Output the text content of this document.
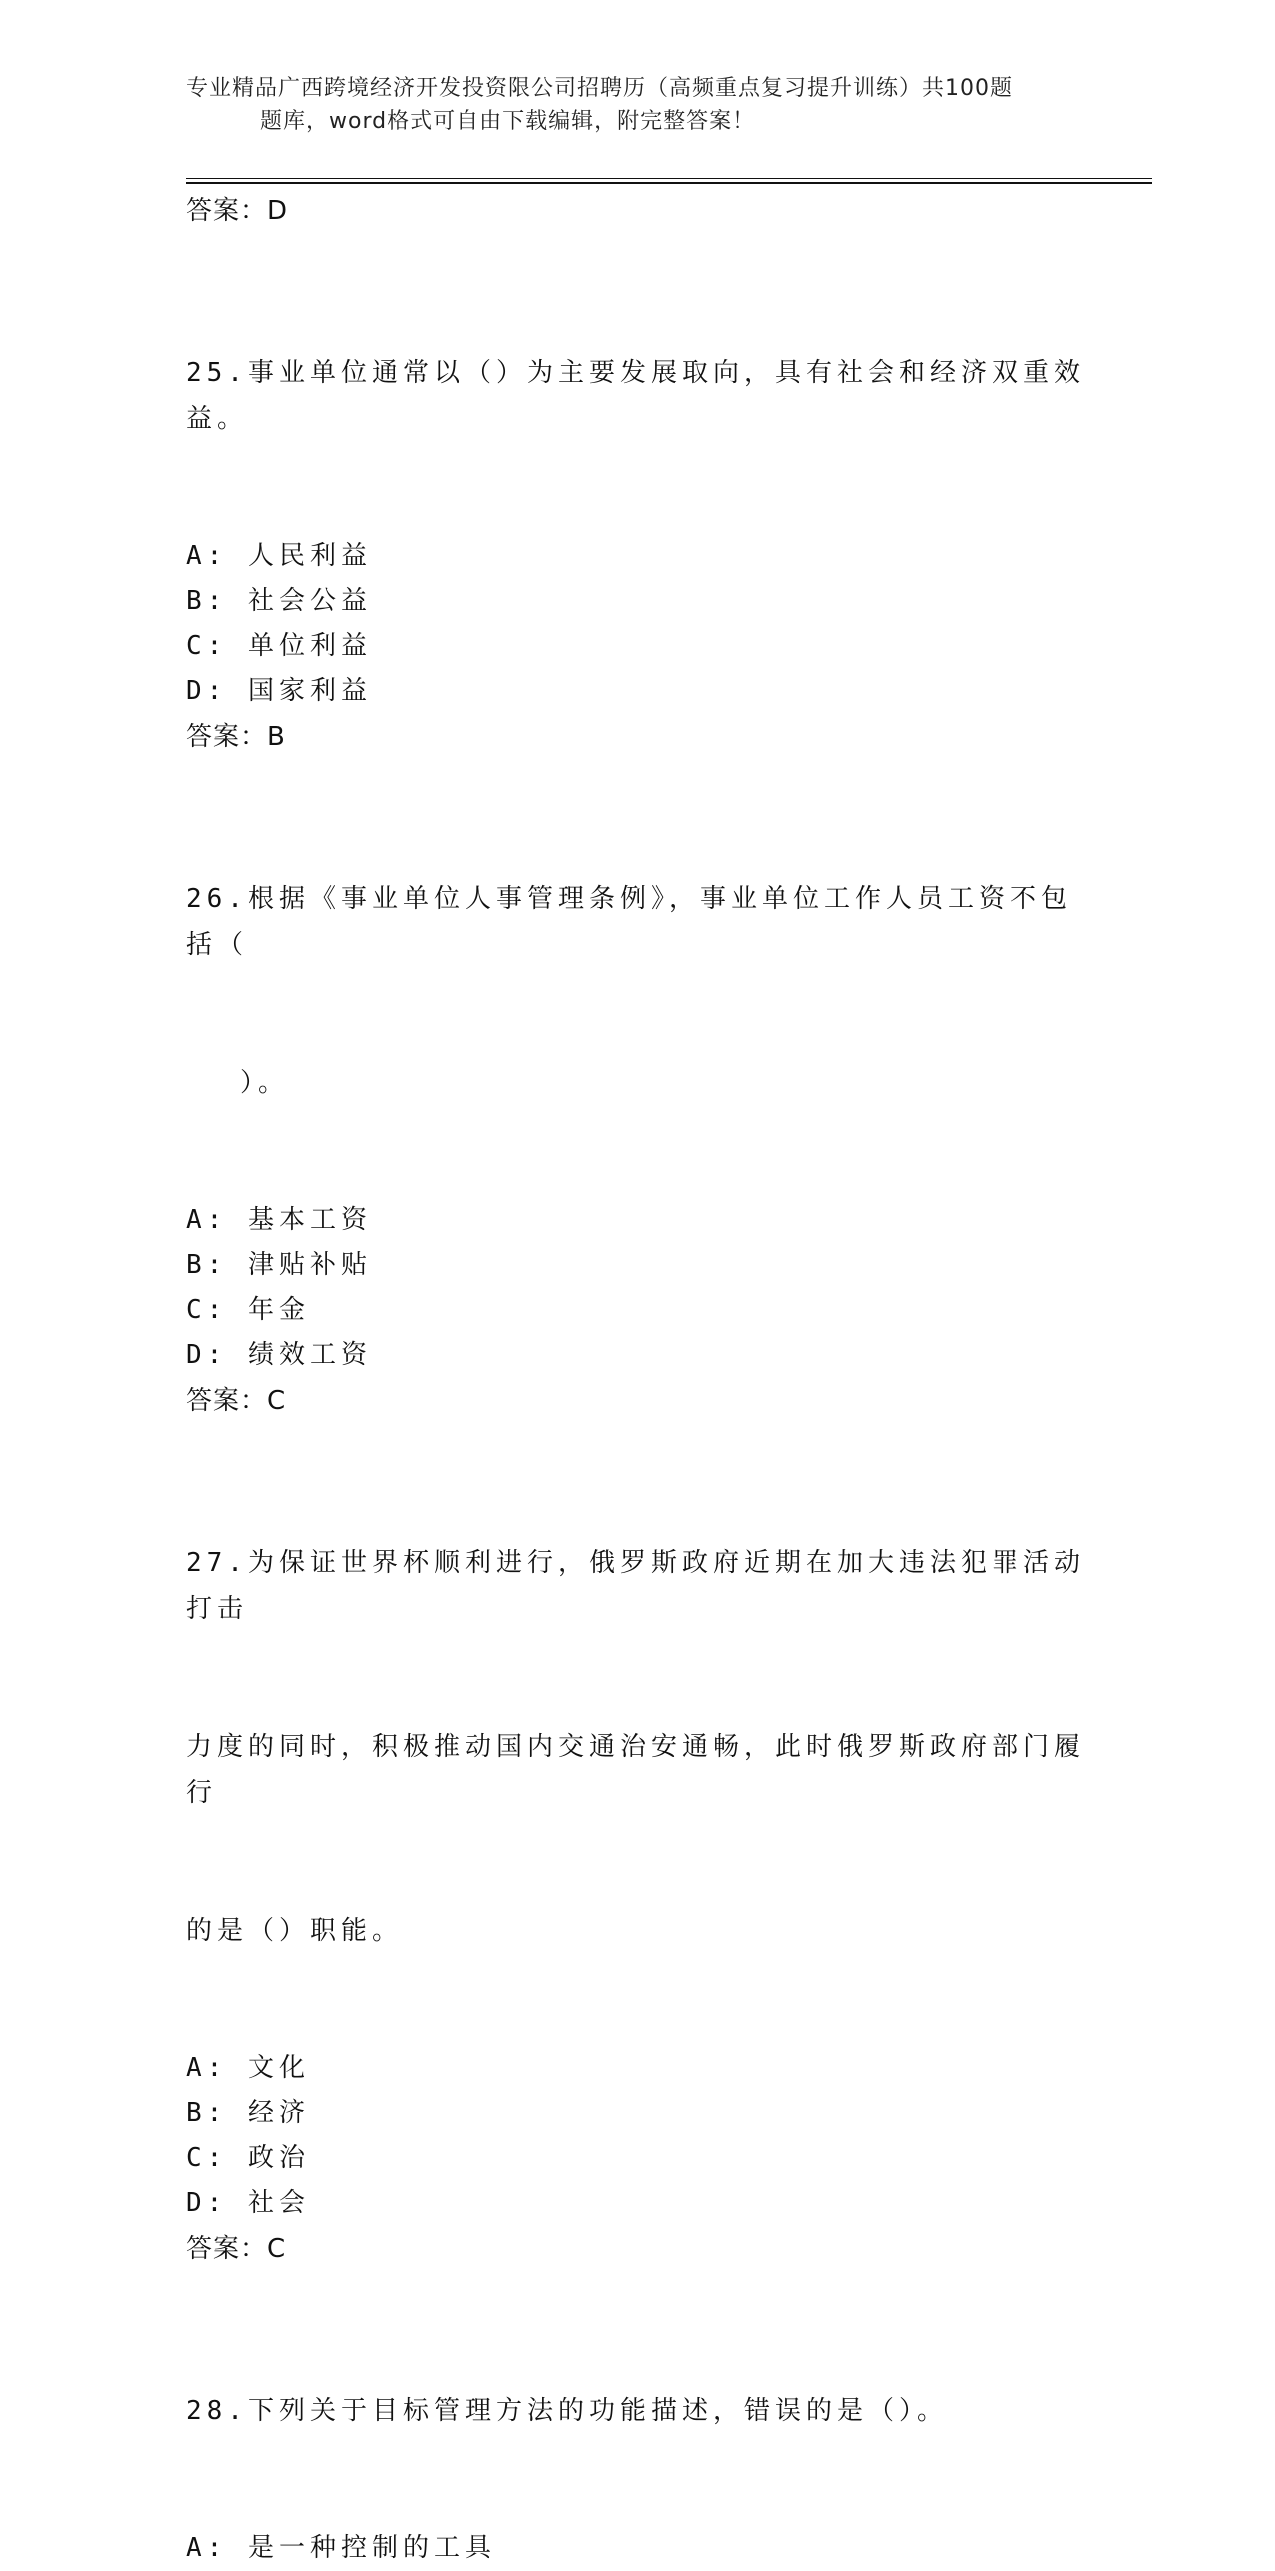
专业精品广西跨境经济开发投资限公司招聘历（高频重点复习提升训练）共100题
题库，word格式可自由下载编辑，附完整答案！
答案：D

25.事业单位通常以（）为主要发展取向，具有社会和经济双重效益。

A: 人民利益
B: 社会公益
C: 单位利益
D: 国家利益
答案：B

26.根据《事业单位人事管理条例》，事业单位工作人员工资不包括（

）。

A: 基本工资
B: 津贴补贴
C: 年金
D: 绩效工资
答案：C

27.为保证世界杯顺利进行，俄罗斯政府近期在加大违法犯罪活动打击

力度的同时，积极推动国内交通治安通畅，此时俄罗斯政府部门履行

的是（）职能。

A: 文化
B: 经济
C: 政治
D: 社会
答案：C

28.下列关于目标管理方法的功能描述，错误的是（）。

A: 是一种控制的工具
